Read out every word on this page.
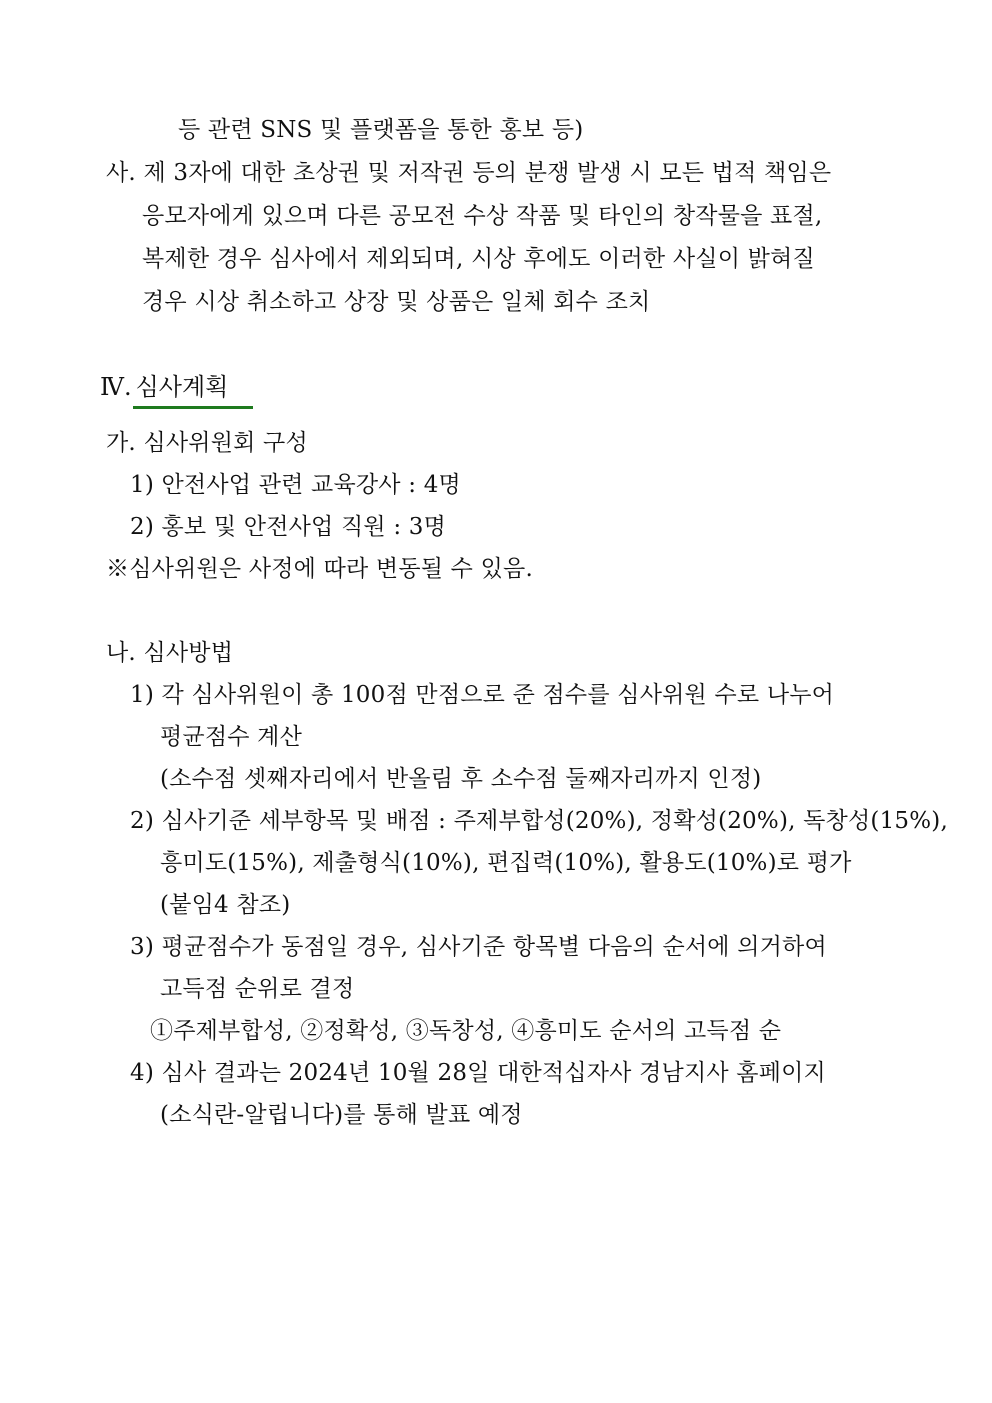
등 관련 SNS 및 플랫폼을 통한 홍보 등)
사. 제 3자에 대한 초상권 및 저작권 등의 분쟁 발생 시 모든 법적 책임은
응모자에게 있으며 다른 공모전 수상 작품 및 타인의 창작물을 표절,
복제한 경우 심사에서 제외되며, 시상 후에도 이러한 사실이 밝혀질
경우 시상 취소하고 상장 및 상품은 일체 회수 조치
Ⅳ. 심사계획
가. 심사위원회 구성
1) 안전사업 관련 교육강사 : 4명
2) 홍보 및 안전사업 직원 : 3명
※심사위원은 사정에 따라 변동될 수 있음.
나. 심사방법
1) 각 심사위원이 총 100점 만점으로 준 점수를 심사위원 수로 나누어
평균점수 계산
(소수점 셋째자리에서 반올림 후 소수점 둘째자리까지 인정)
2) 심사기준 세부항목 및 배점 : 주제부합성(20%), 정확성(20%), 독창성(15%),
흥미도(15%), 제출형식(10%), 편집력(10%), 활용도(10%)로 평가
(붙임4 참조)
3) 평균점수가 동점일 경우, 심사기준 항목별 다음의 순서에 의거하여
고득점 순위로 결정
①주제부합성, ②정확성, ③독창성, ④흥미도 순서의 고득점 순
4) 심사 결과는 2024년 10월 28일 대한적십자사 경남지사 홈페이지
(소식란-알립니다)를 통해 발표 예정
